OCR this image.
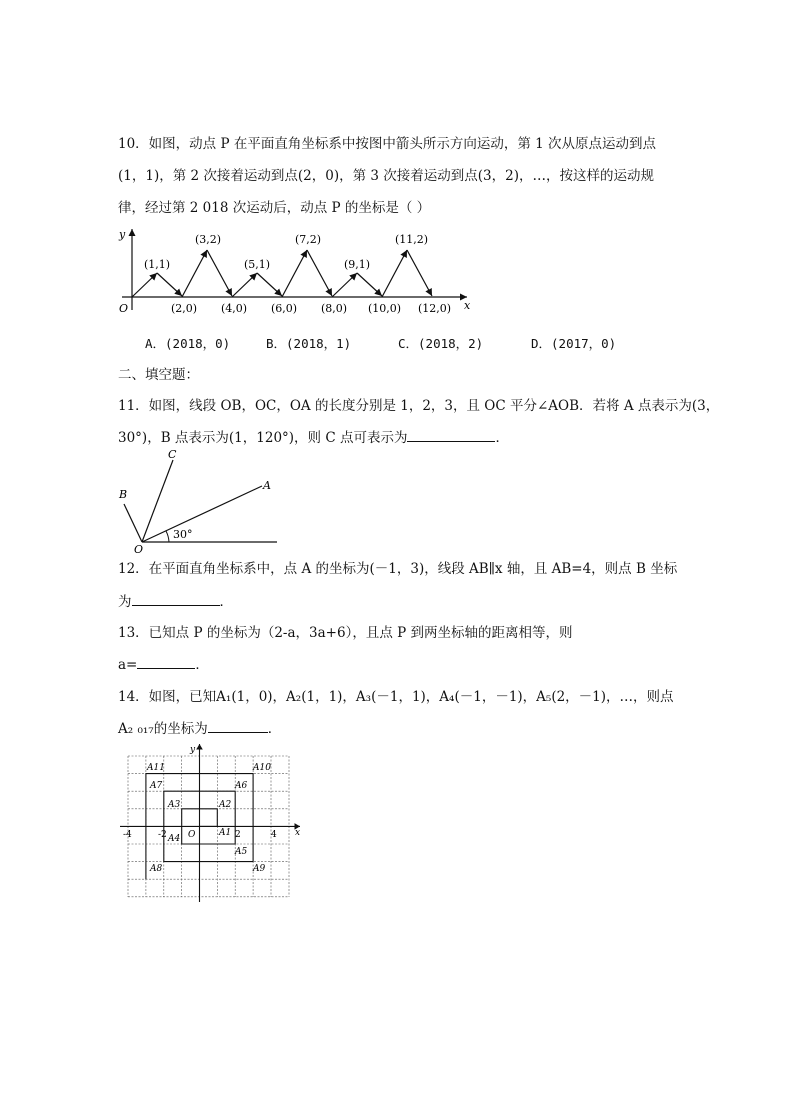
10．如图，动点 P 在平面直角坐标系中按图中箭头所示方向运动，第 1 次从原点运动到点
(1，1)，第 2 次接着运动到点(2，0)，第 3 次接着运动到点(3，2)，…，按这样的运动规
律，经过第 2 018 次运动后，动点 P 的坐标是（ ）
y
x
O
(1,1)
(3,2)
(5,1)
(7,2)
(9,1)
(11,2)
(2,0) (4,0) (6,0) (8,0) (10,0) (12,0)
A．(2018，0)	B．(2018，1)	C．(2018，2)	D．(2017，0)
二、填空题：
11．如图，线段 OB，OC，OA 的长度分别是 1，2，3，且 OC 平分∠AOB．若将 A 点表示为(3，
30°)，B 点表示为(1，120°)，则 C 点可表示为	．
C
A
B
O
30°
12．在平面直角坐标系中，点 A 的坐标为(－1，3)，线段 AB∥x 轴，且 AB=4，则点 B 坐标
为	．
13．已知点 P 的坐标为（2-a，3a+6），且点 P 到两坐标轴的距离相等，则
a=	．
14．如图，已知A₁(1，0)，A₂(1，1)，A₃(－1，1)，A₄(－1，－1)，A₅(2，－1)，…，则点
A₂ ₀₁₇的坐标为	．
x
y
O
-4	-2	2	4
A1
A2
A3
A4
A5
A6
A7
A8	A9
A10
A11
